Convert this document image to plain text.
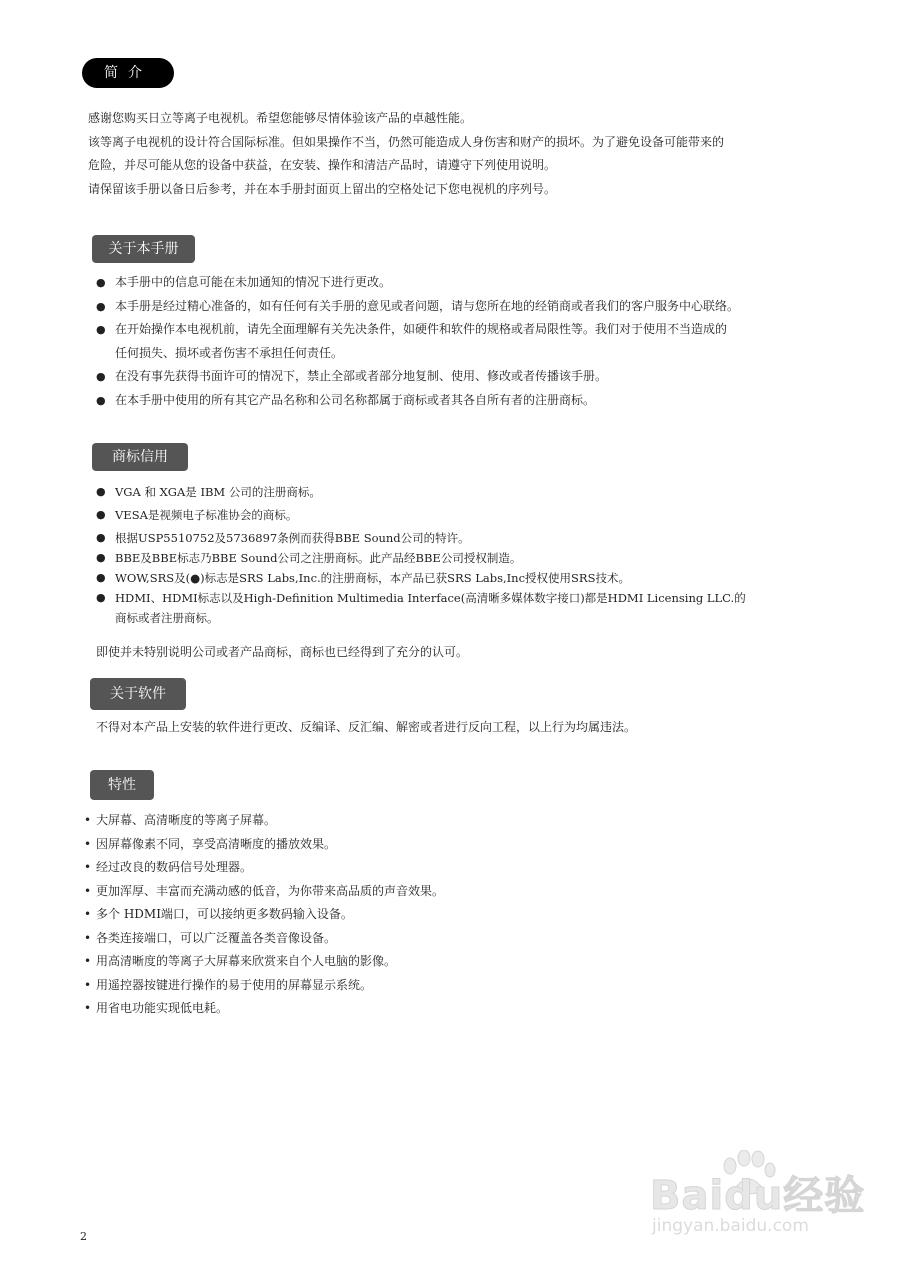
简介

感谢您购买日立等离子电视机。希望您能够尽情体验该产品的卓越性能。

该等离子电视机的设计符合国际标准。但如果操作不当，仍然可能造成人身伤害和财产的损坏。为了避免设备可能带来的

危险，并尽可能从您的设备中获益，在安装、操作和清洁产品时，请遵守下列使用说明。

请保留该手册以备日后参考，并在本手册封面页上留出的空格处记下您电视机的序列号。

关于本手册
● 本手册中的信息可能在未加通知的情况下进行更改。
● 本手册是经过精心准备的，如有任何有关手册的意见或者问题，请与您所在地的经销商或者我们的客户服务中心联络。
● 在开始操作本电视机前，请先全面理解有关先决条件，如硬件和软件的规格或者局限性等。我们对于使用不当造成的
任何损失、损坏或者伤害不承担任何责任。
● 在没有事先获得书面许可的情况下，禁止全部或者部分地复制、使用、修改或者传播该手册。
● 在本手册中使用的所有其它产品名称和公司名称都属于商标或者其各自所有者的注册商标。
商标信用
● VGA 和 XGA是 IBM 公司的注册商标。
● VESA是视频电子标准协会的商标。
● 根据USP5510752及5736897条例而获得BBE Sound公司的特许。
● BBE及BBE标志乃BBE Sound公司之注册商标。此产品经BBE公司授权制造。
● WOW,SRS及(●)标志是SRS Labs,Inc.的注册商标，本产品已获SRS Labs,Inc授权使用SRS技术。
● HDMI、HDMI标志以及High-Definition Multimedia Interface(高清晰多媒体数字接口)都是HDMI Licensing LLC.的
商标或者注册商标。
即使并未特别说明公司或者产品商标，商标也已经得到了充分的认可。
关于软件
不得对本产品上安装的软件进行更改、反编译、反汇编、解密或者进行反向工程，以上行为均属违法。
特性
• 大屏幕、高清晰度的等离子屏幕。
• 因屏幕像素不同，享受高清晰度的播放效果。
• 经过改良的数码信号处理器。
• 更加浑厚、丰富而充满动感的低音，为你带来高品质的声音效果。
• 多个 HDMI端口，可以接纳更多数码输入设备。
• 各类连接端口，可以广泛覆盖各类音像设备。
• 用高清晰度的等离子大屏幕来欣赏来自个人电脑的影像。
• 用遥控器按键进行操作的易于使用的屏幕显示系统。
• 用省电功能实现低电耗。
Baidu经验
jingyan.baidu.com
2
